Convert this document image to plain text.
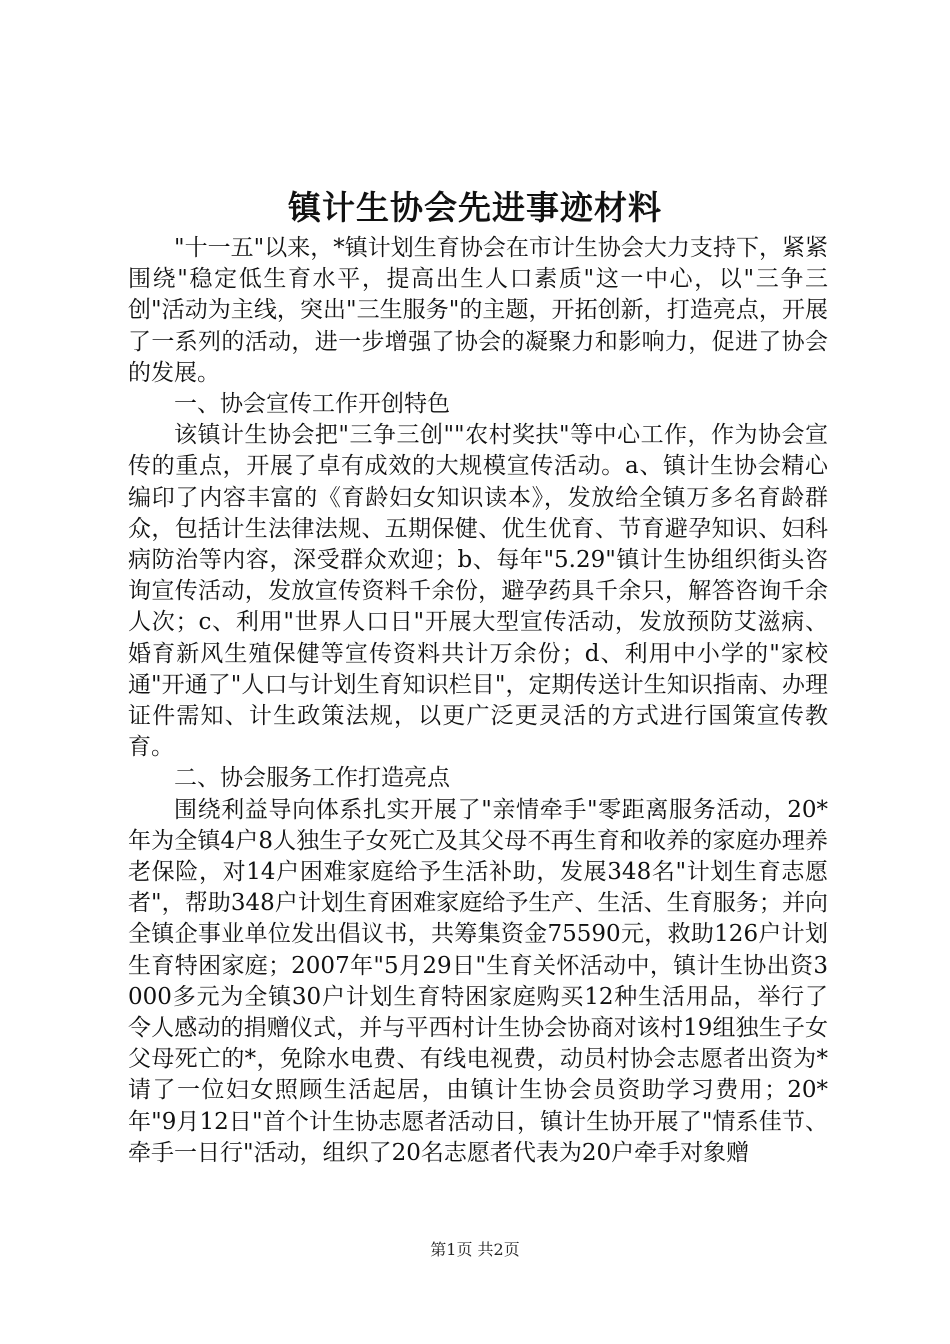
镇计生协会先进事迹材料

"十一五"以来，*镇计划生育协会在市计生协会大力支持下，紧紧围绕"稳定低生育水平，提高出生人口素质"这一中心，以"三争三创"活动为主线，突出"三生服务"的主题，开拓创新，打造亮点，开展了一系列的活动，进一步增强了协会的凝聚力和影响力，促进了协会的发展。

一、协会宣传工作开创特色

该镇计生协会把"三争三创""农村奖扶"等中心工作，作为协会宣传的重点，开展了卓有成效的大规模宣传活动。a、镇计生协会精心编印了内容丰富的《育龄妇女知识读本》，发放给全镇万多名育龄群众，包括计生法律法规、五期保健、优生优育、节育避孕知识、妇科病防治等内容，深受群众欢迎；b、每年"5.29"镇计生协组织街头咨询宣传活动，发放宣传资料千余份，避孕药具千余只，解答咨询千余人次；c、利用"世界人口日"开展大型宣传活动，发放预防艾滋病、婚育新风生殖保健等宣传资料共计万余份；d、利用中小学的"家校通"开通了"人口与计划生育知识栏目"，定期传送计生知识指南、办理证件需知、计生政策法规，以更广泛更灵活的方式进行国策宣传教育。

二、协会服务工作打造亮点

围绕利益导向体系扎实开展了"亲情牵手"零距离服务活动，20*年为全镇4户8人独生子女死亡及其父母不再生育和收养的家庭办理养老保险，对14户困难家庭给予生活补助，发展348名"计划生育志愿者"，帮助348户计划生育困难家庭给予生产、生活、生育服务；并向全镇企事业单位发出倡议书，共筹集资金75590元，救助126户计划生育特困家庭；2007年"5月29日"生育关怀活动中，镇计生协出资3000多元为全镇30户计划生育特困家庭购买12种生活用品，举行了令人感动的捐赠仪式，并与平西村计生协会协商对该村19组独生子女父母死亡的*，免除水电费、有线电视费，动员村协会志愿者出资为*请了一位妇女照顾生活起居，由镇计生协会员资助学习费用；20*年"9月12日"首个计生协志愿者活动日，镇计生协开展了"情系佳节、牵手一日行"活动，组织了20名志愿者代表为20户牵手对象赠

第1页 共2页
